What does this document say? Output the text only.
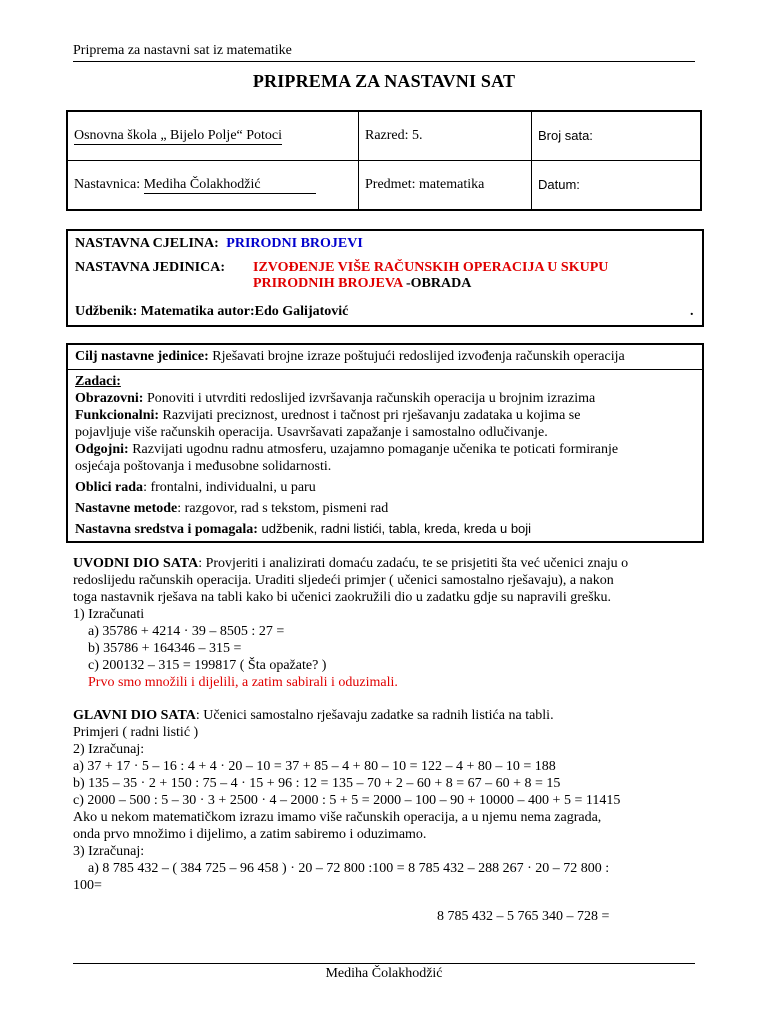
Priprema za nastavni sat iz matematike
PRIPREMA ZA NASTAVNI SAT
Osnovna škola „ Bijelo Polje“ Potoci	Razred: 5.	Broj sata:
Nastavnica: Mediha Čolakhodžić	Predmet: matematika	Datum:
NASTAVNA CJELINA: PRIRODNI BROJEVI
NASTAVNA JEDINICA: IZVOĐENJE VIŠE RAČUNSKIH OPERACIJA U SKUPU
PRIRODNIH BROJEVA -OBRADA
Udžbenik: Matematika autor:Edo Galijatović	.
Cilj nastavne jedinice: Rješavati brojne izraze poštujući redoslijed izvođenja računskih operacija
Zadaci:
Obrazovni: Ponoviti i utvrditi redoslijed izvršavanja računskih operacija u brojnim izrazima
Funkcionalni: Razvijati preciznost, urednost i tačnost pri rješavanju zadataka u kojima se
pojavljuje više računskih operacija. Usavršavati zapažanje i samostalno odlučivanje.
Odgojni: Razvijati ugodnu radnu atmosferu, uzajamno pomaganje učenika te poticati formiranje
osjećaja poštovanja i međusobne solidarnosti.
Oblici rada: frontalni, individualni, u paru
Nastavne metode: razgovor, rad s tekstom, pismeni rad
Nastavna sredstva i pomagala: udžbenik, radni listići, tabla, kreda, kreda u boji
UVODNI DIO SATA: Provjeriti i analizirati domaću zadaću, te se prisjetiti šta već učenici znaju o
redoslijedu računskih operacija. Uraditi sljedeći primjer ( učenici samostalno rješavaju), a nakon
toga nastavnik rješava na tabli kako bi učenici zaokružili dio u zadatku gdje su napravili grešku.
1) Izračunati
a) 35786 + 4214 · 39 – 8505 : 27 =
b) 35786 + 164346 – 315 =
c) 200132 – 315 = 199817 ( Šta opažate? )
Prvo smo množili i dijelili, a zatim sabirali i oduzimali.
GLAVNI DIO SATA: Učenici samostalno rješavaju zadatke sa radnih listića na tabli.
Primjeri ( radni listić )
2) Izračunaj:
a) 37 + 17 · 5 – 16 : 4 + 4 · 20 – 10 = 37 + 85 – 4 + 80 – 10 = 122 – 4 + 80 – 10 = 188
b) 135 – 35 · 2 + 150 : 75 – 4 · 15 + 96 : 12 = 135 – 70 + 2 – 60 + 8 = 67 – 60 + 8 = 15
c) 2000 – 500 : 5 – 30 · 3 + 2500 · 4 – 2000 : 5 + 5 = 2000 – 100 – 90 + 10000 – 400 + 5 = 11415
Ako u nekom matematičkom izrazu imamo više računskih operacija, a u njemu nema zagrada,
onda prvo množimo i dijelimo, a zatim sabiremo i oduzimamo.
3) Izračunaj:
a) 8 785 432 – ( 384 725 – 96 458 ) · 20 – 72 800 :100 = 8 785 432 – 288 267 · 20 – 72 800 :
100=
8 785 432 – 5 765 340 – 728 =
Mediha Čolakhodžić
